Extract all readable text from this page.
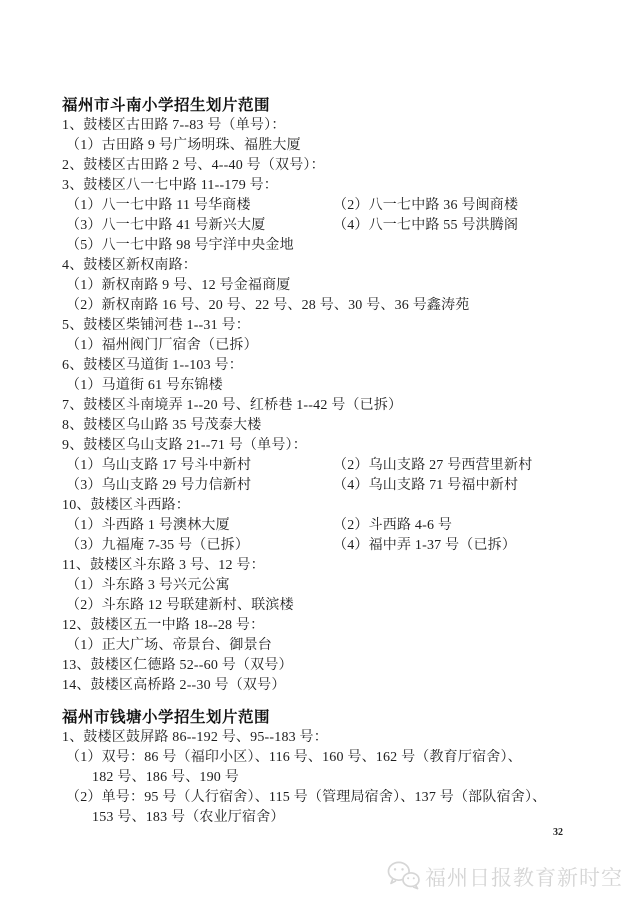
福州市斗南小学招生划片范围
1、鼓楼区古田路 7--83 号（单号）：
（1）古田路 9 号广场明珠、福胜大厦
2、鼓楼区古田路 2 号、4--40 号（双号）：
3、鼓楼区八一七中路 11--179 号：
（1）八一七中路 11 号华商楼	（2）八一七中路 36 号闽商楼
（3）八一七中路 41 号新兴大厦	（4）八一七中路 55 号洪腾阁
（5）八一七中路 98 号宇洋中央金地
4、鼓楼区新权南路：
（1）新权南路 9 号、12 号金福商厦
（2）新权南路 16 号、20 号、22 号、28 号、30 号、36 号鑫涛苑
5、鼓楼区柴铺河巷 1--31 号：
（1）福州阀门厂宿舍（已拆）
6、鼓楼区马道街 1--103 号：
（1）马道街 61 号东锦楼
7、鼓楼区斗南境弄 1--20 号、红桥巷 1--42 号（已拆）
8、鼓楼区乌山路 35 号茂泰大楼
9、鼓楼区乌山支路 21--71 号（单号）：
（1）乌山支路 17 号斗中新村	（2）乌山支路 27 号西营里新村
（3）乌山支路 29 号力信新村	（4）乌山支路 71 号福中新村
10、鼓楼区斗西路：
（1）斗西路 1 号澳林大厦	（2）斗西路 4-6 号
（3）九福庵 7-35 号（已拆）	（4）福中弄 1-37 号（已拆）
11、鼓楼区斗东路 3 号、12 号：
（1）斗东路 3 号兴元公寓
（2）斗东路 12 号联建新村、联滨楼
12、鼓楼区五一中路 18--28 号：
（1）正大广场、帝景台、御景台
13、鼓楼区仁德路 52--60 号（双号）
14、鼓楼区高桥路 2--30 号（双号）
福州市钱塘小学招生划片范围
1、鼓楼区鼓屏路 86--192 号、95--183 号：
（1）双号：86 号（福印小区）、116 号、160 号、162 号（教育厅宿舍）、
182 号、186 号、190 号
（2）单号：95 号（人行宿舍）、115 号（管理局宿舍）、137 号（部队宿舍）、
153 号、183 号（农业厅宿舍）
32
福州日报教育新时空
